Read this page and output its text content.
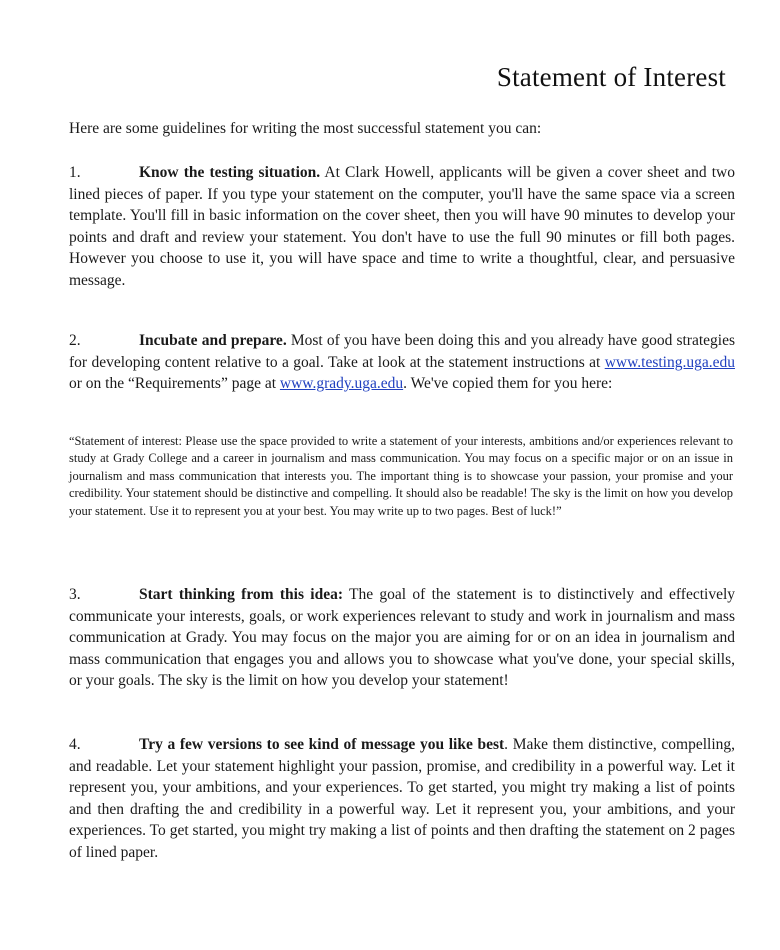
Statement of Interest
Here are some guidelines for writing the most successful statement you can:
1.	Know the testing situation. At Clark Howell, applicants will be given a cover sheet and two lined pieces of paper. If you type your statement on the computer, you'll have the same space via a screen template. You'll fill in basic information on the cover sheet, then you will have 90 minutes to develop your points and draft and review your statement. You don't have to use the full 90 minutes or fill both pages. However you choose to use it, you will have space and time to write a thoughtful, clear, and persuasive message.
2.	Incubate and prepare. Most of you have been doing this and you already have good strategies for developing content relative to a goal. Take at look at the statement instructions at www.testing.uga.edu or on the “Requirements” page at www.grady.uga.edu. We've copied them for you here:
“Statement of interest: Please use the space provided to write a statement of your interests, ambitions and/or experiences relevant to study at Grady College and a career in journalism and mass communication. You may focus on a specific major or on an issue in journalism and mass communication that interests you. The important thing is to showcase your passion, your promise and your credibility. Your statement should be distinctive and compelling. It should also be readable! The sky is the limit on how you develop your statement. Use it to represent you at your best. You may write up to two pages. Best of luck!”
3.	Start thinking from this idea: The goal of the statement is to distinctively and effectively communicate your interests, goals, or work experiences relevant to study and work in journalism and mass communication at Grady. You may focus on the major you are aiming for or on an idea in journalism and mass communication that engages you and allows you to showcase what you've done, your special skills, or your goals. The sky is the limit on how you develop your statement!
4.	Try a few versions to see kind of message you like best. Make them distinctive, compelling, and readable. Let your statement highlight your passion, promise, and credibility in a powerful way. Let it represent you, your ambitions, and your experiences. To get started, you might try making a list of points and then drafting the and credibility in a powerful way. Let it represent you, your ambitions, and your experiences. To get started, you might try making a list of points and then drafting the statement on 2 pages of lined paper.
